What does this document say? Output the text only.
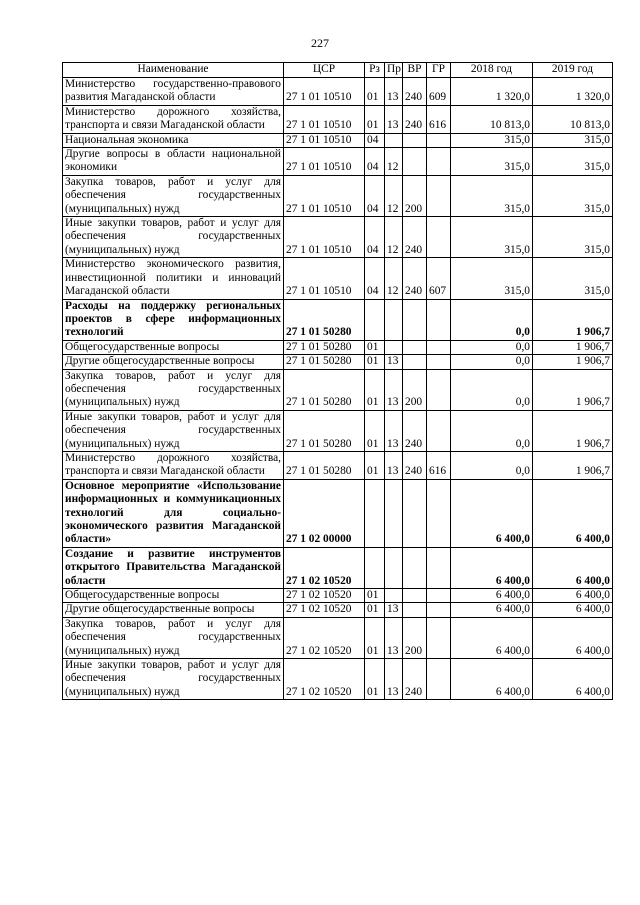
227
Наименование	ЦСР	Рз	Пр	ВР	ГР	2018 год	2019 год
Министерство государственно-правового развития Магаданской области	27 1 01 10510	01	13	240	609	1 320,0	1 320,0
Министерство дорожного хозяйства, транспорта и связи Магаданской области	27 1 01 10510	01	13	240	616	10 813,0	10 813,0
Национальная экономика	27 1 01 10510	04				315,0	315,0
Другие вопросы в области национальной экономики	27 1 01 10510	04	12			315,0	315,0
Закупка товаров, работ и услуг для обеспечения государственных (муниципальных) нужд	27 1 01 10510	04	12	200		315,0	315,0
Иные закупки товаров, работ и услуг для обеспечения государственных (муниципальных) нужд	27 1 01 10510	04	12	240		315,0	315,0
Министерство экономического развития, инвестиционной политики и инноваций Магаданской области	27 1 01 10510	04	12	240	607	315,0	315,0
Расходы на поддержку региональных проектов в сфере информационных технологий	27 1 01 50280					0,0	1 906,7
Общегосударственные вопросы	27 1 01 50280	01				0,0	1 906,7
Другие общегосударственные вопросы	27 1 01 50280	01	13			0,0	1 906,7
Закупка товаров, работ и услуг для обеспечения государственных (муниципальных) нужд	27 1 01 50280	01	13	200		0,0	1 906,7
Иные закупки товаров, работ и услуг для обеспечения государственных (муниципальных) нужд	27 1 01 50280	01	13	240		0,0	1 906,7
Министерство дорожного хозяйства, транспорта и связи Магаданской области	27 1 01 50280	01	13	240	616	0,0	1 906,7
Основное мероприятие «Использование информационных и коммуникационных технологий для социально-экономического развития Магаданской области»	27 1 02 00000					6 400,0	6 400,0
Создание и развитие инструментов открытого Правительства Магаданской области	27 1 02 10520					6 400,0	6 400,0
Общегосударственные вопросы	27 1 02 10520	01				6 400,0	6 400,0
Другие общегосударственные вопросы	27 1 02 10520	01	13			6 400,0	6 400,0
Закупка товаров, работ и услуг для обеспечения государственных (муниципальных) нужд	27 1 02 10520	01	13	200		6 400,0	6 400,0
Иные закупки товаров, работ и услуг для обеспечения государственных (муниципальных) нужд	27 1 02 10520	01	13	240		6 400,0	6 400,0
